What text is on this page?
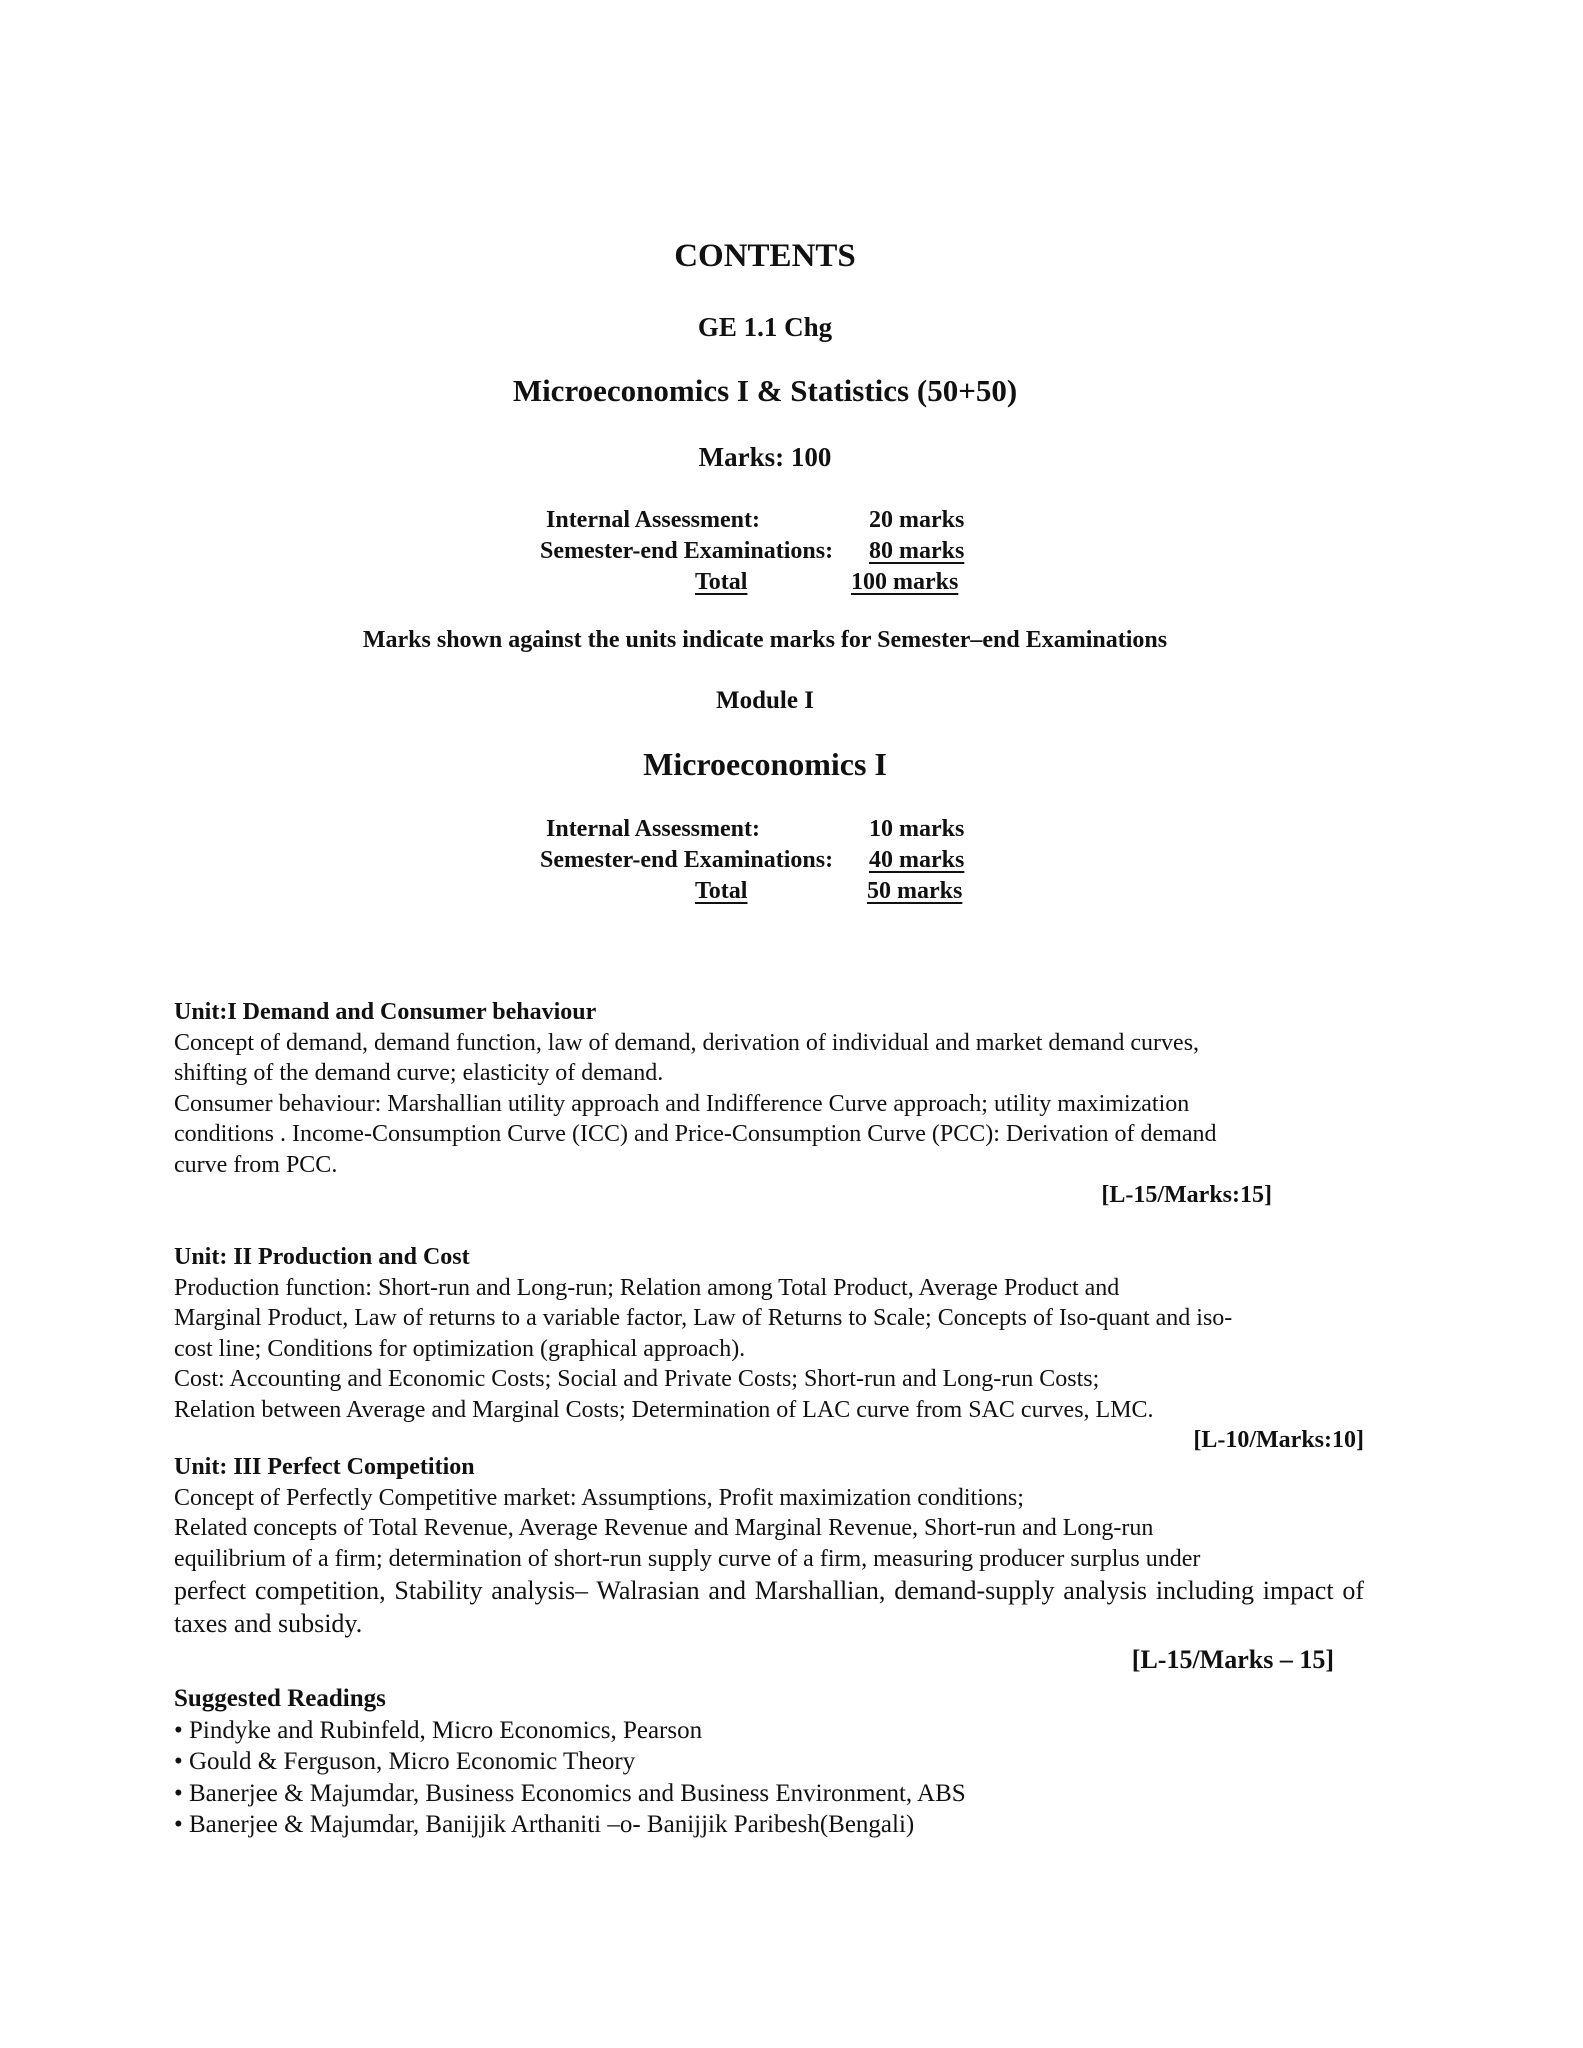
CONTENTS
GE 1.1 Chg
Microeconomics I & Statistics (50+50)
Marks: 100
Internal Assessment:	20 marks
Semester-end Examinations: 80 marks
Total	100 marks
Marks shown against the units indicate marks for Semester–end Examinations
Module I
Microeconomics I
Internal Assessment:	10 marks
Semester-end Examinations: 40 marks
Total	50 marks

Unit:I Demand and Consumer behaviour

Concept of demand, demand function, law of demand, derivation of individual and market demand curves,

shifting of the demand curve; elasticity of demand.

Consumer behaviour: Marshallian utility approach and Indifference Curve approach; utility maximization

conditions . Income-Consumption Curve (ICC) and Price-Consumption Curve (PCC): Derivation of demand

curve from PCC.

[L-15/Marks:15]

Unit: II Production and Cost

Production function: Short-run and Long-run; Relation among Total Product, Average Product and

Marginal Product, Law of returns to a variable factor, Law of Returns to Scale; Concepts of Iso-quant and iso-

cost line; Conditions for optimization (graphical approach).

Cost: Accounting and Economic Costs; Social and Private Costs; Short-run and Long-run Costs;

Relation between Average and Marginal Costs; Determination of LAC curve from SAC curves, LMC.

[L-10/Marks:10]

Unit: III Perfect Competition

Concept of Perfectly Competitive market: Assumptions, Profit maximization conditions;

Related concepts of Total Revenue, Average Revenue and Marginal Revenue, Short-run and Long-run

equilibrium of a firm; determination of short-run supply curve of a firm, measuring producer surplus under

perfect competition, Stability analysis– Walrasian and Marshallian, demand-supply analysis including impact of taxes and subsidy.

[L-15/Marks – 15]

Suggested Readings

• Pindyke and Rubinfeld, Micro Economics, Pearson

• Gould & Ferguson, Micro Economic Theory

• Banerjee & Majumdar, Business Economics and Business Environment, ABS

• Banerjee & Majumdar, Banijjik Arthaniti –o- Banijjik Paribesh(Bengali)
